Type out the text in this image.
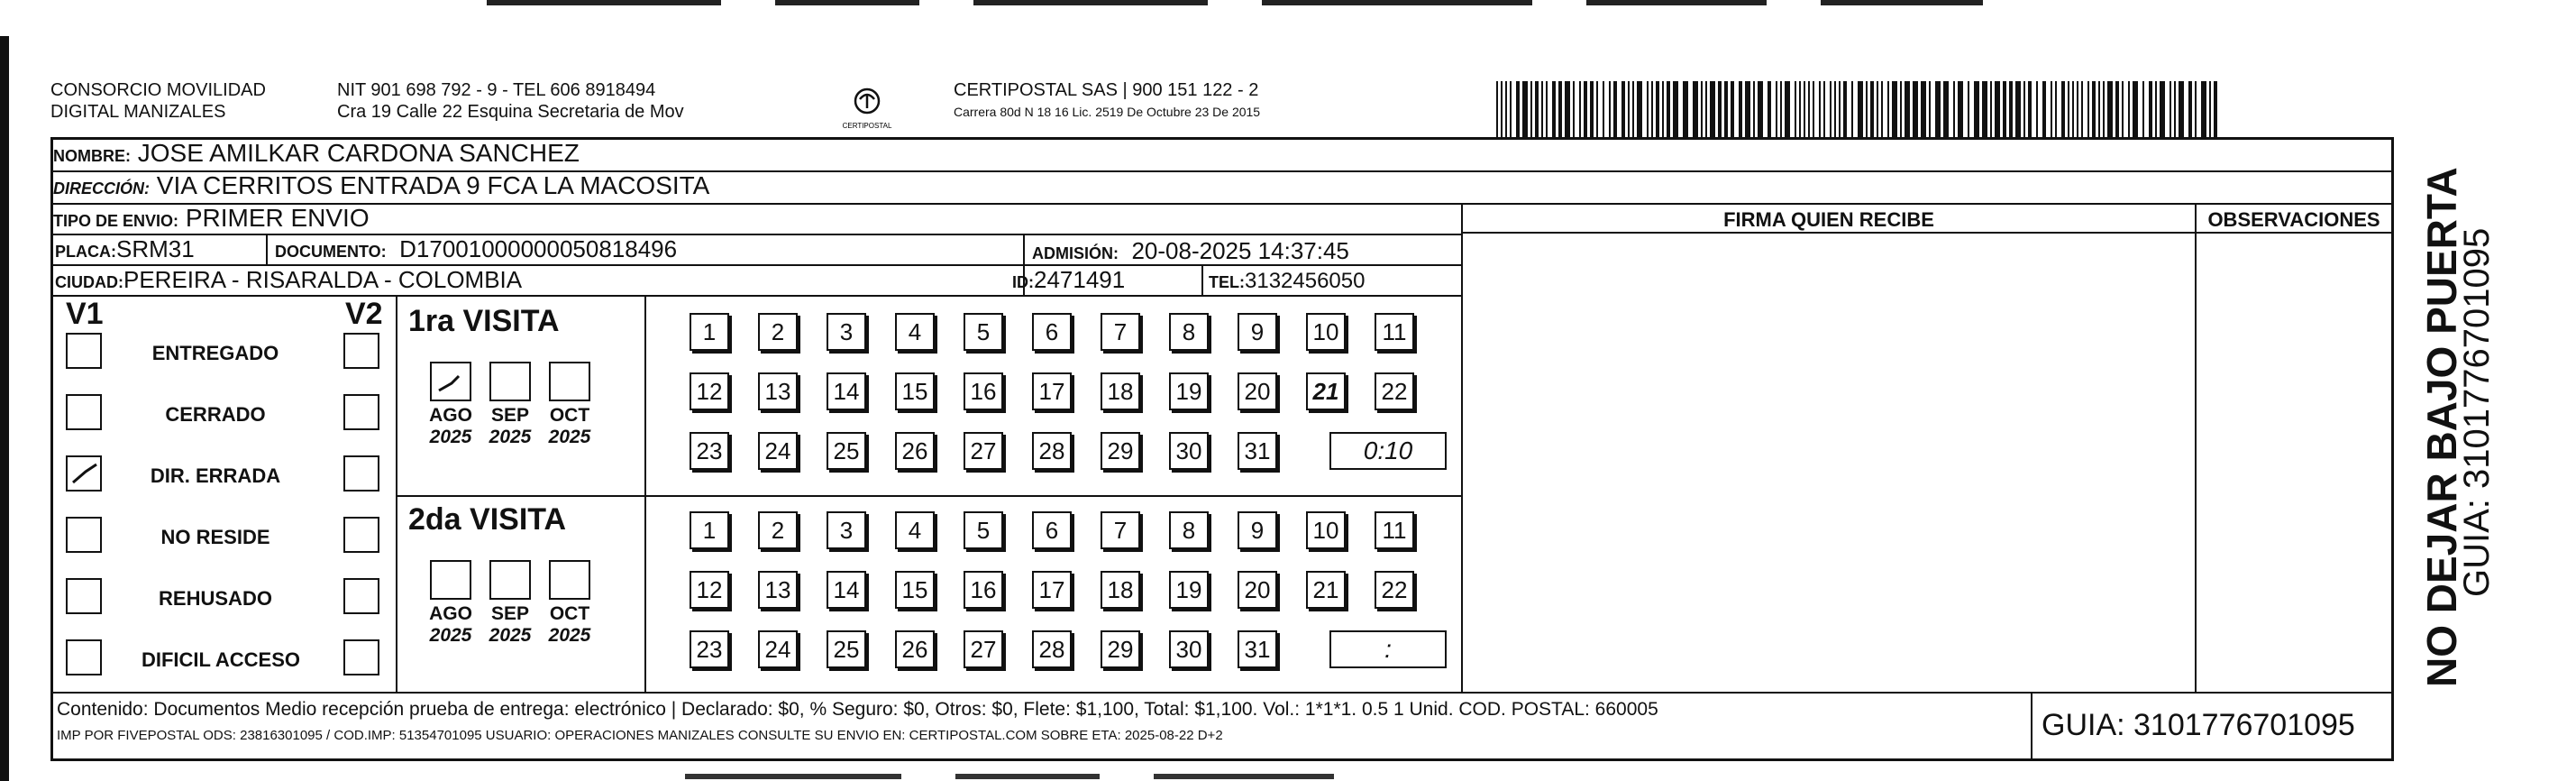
CONSORCIO MOVILIDAD
DIGITAL MANIZALES
NIT 901 698 792 - 9 - TEL 606 8918494
Cra 19 Calle 22 Esquina Secretaria de Mov
CERTIPOSTAL
CERTIPOSTAL SAS | 900 151 122 - 2
Carrera 80d N 18 16 Lic. 2519 De Octubre 23 De 2015
NOMBRE: JOSE AMILKAR CARDONA SANCHEZ
DIRECCIÓN: VIA CERRITOS ENTRADA 9 FCA LA MACOSITA
TIPO DE ENVIO: PRIMER ENVIO
PLACA:SRM31	DOCUMENTO: D17001000000050818496	ADMISIÓN: 20-08-2025 14:37:45
CIUDAD:PEREIRA - RISARALDA - COLOMBIA	ID:2471491	TEL:3132456050
FIRMA QUIEN RECIBE	OBSERVACIONES
V1	V2
ENTREGADO
CERRADO
DIR. ERRADA
NO RESIDE
REHUSADO
DIFICIL ACCESO
1ra VISITA
AGO
2025
SEP
2025
OCT
2025
1	2	3	4	5	6	7	8	9	10	11
12 13 14 15 16 17 18 19 20 21 22
23 24 25 26 27 28 29 30 31	0:10
2da VISITA
AGO
2025
SEP
2025
OCT
2025
1	2	3	4	5	6	7	8	9	10	11
12 13 14 15 16 17 18 19 20 21 22
23 24 25 26 27 28 29 30 31	:
Contenido: Documentos Medio recepción prueba de entrega: electrónico | Declarado: $0, % Seguro: $0, Otros: $0, Flete: $1,100, Total: $1,100. Vol.: 1*1*1. 0.5 1 Unid. COD. POSTAL: 660005
IMP POR FIVEPOSTAL ODS: 23816301095 / COD.IMP: 51354701095 USUARIO: OPERACIONES MANIZALES CONSULTE SU ENVIO EN: CERTIPOSTAL.COM SOBRE ETA: 2025-08-22 D+2	GUIA: 3101776701095
NO DEJAR BAJO PUERTA
GUIA: 3101776701095
